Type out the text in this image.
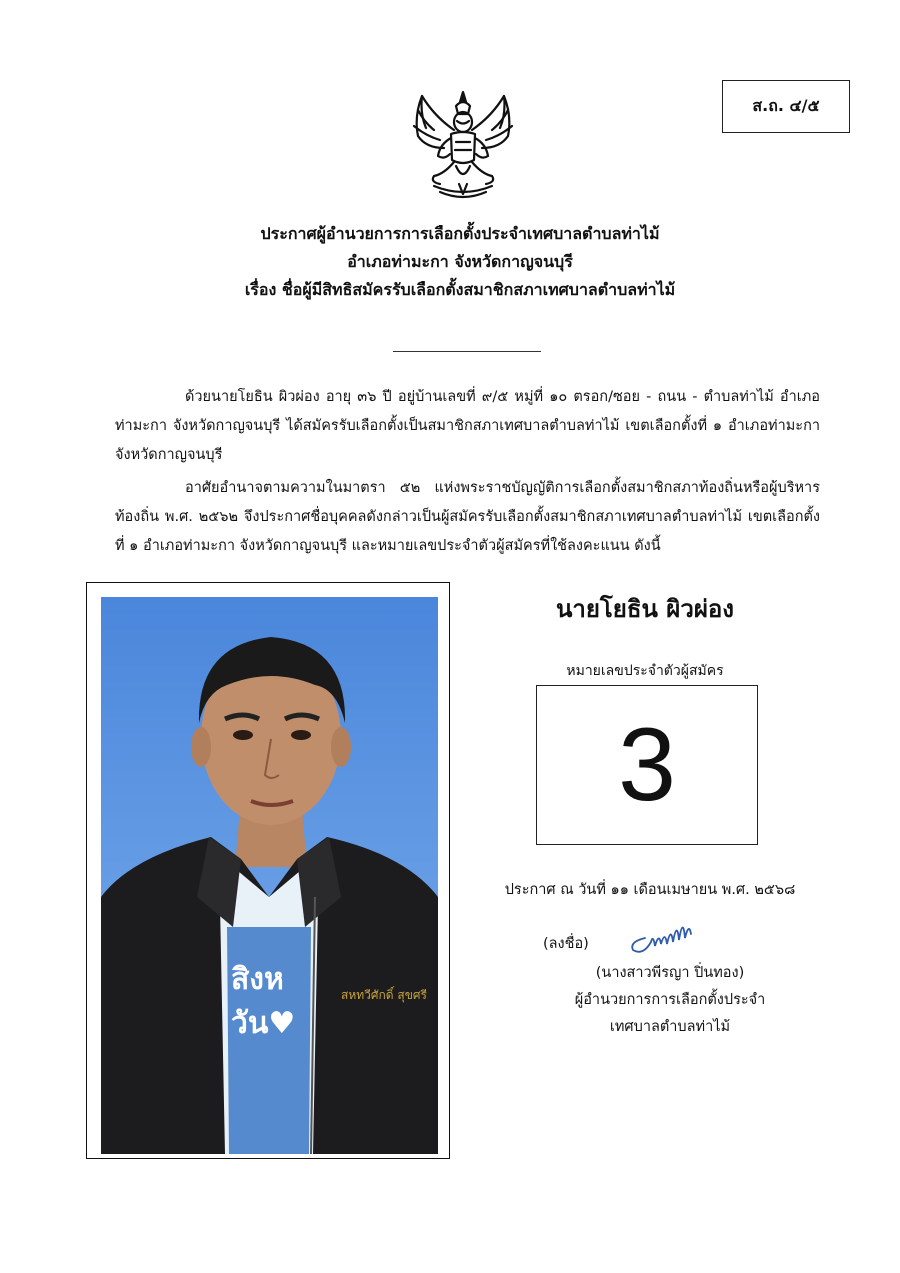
ส.ถ. ๔/๕
ประกาศผู้อำนวยการการเลือกตั้งประจำเทศบาลตำบลท่าไม้
อำเภอท่ามะกา จังหวัดกาญจนบุรี
เรื่อง ชื่อผู้มีสิทธิสมัครรับเลือกตั้งสมาชิกสภาเทศบาลตำบลท่าไม้
ด้วยนายโยธิน ผิวผ่อง อายุ ๓๖ ปี อยู่บ้านเลขที่ ๙/๕ หมู่ที่ ๑๐ ตรอก/ซอย - ถนน - ตำบลท่าไม้ อำเภอท่ามะกา จังหวัดกาญจนบุรี ได้สมัครรับเลือกตั้งเป็นสมาชิกสภาเทศบาลตำบลท่าไม้ เขตเลือกตั้งที่ ๑ อำเภอท่ามะกา จังหวัดกาญจนบุรี
อาศัยอำนาจตามความในมาตรา ๕๒ แห่งพระราชบัญญัติการเลือกตั้งสมาชิกสภาท้องถิ่นหรือผู้บริหารท้องถิ่น พ.ศ. ๒๕๖๒ จึงประกาศชื่อบุคคลดังกล่าวเป็นผู้สมัครรับเลือกตั้งสมาชิกสภาเทศบาลตำบลท่าไม้ เขตเลือกตั้งที่ ๑ อำเภอท่ามะกา จังหวัดกาญจนบุรี และหมายเลขประจำตัวผู้สมัครที่ใช้ลงคะแนน ดังนี้
สิงห
วัน♥
สหทวีศักดิ์ สุขศรี
นายโยธิน ผิวผ่อง
หมายเลขประจำตัวผู้สมัคร
3
ประกาศ ณ วันที่ ๑๑ เดือนเมษายน พ.ศ. ๒๕๖๘
(ลงชื่อ)
(นางสาวพีรญา ปิ่นทอง)
ผู้อำนวยการการเลือกตั้งประจำ
เทศบาลตำบลท่าไม้
